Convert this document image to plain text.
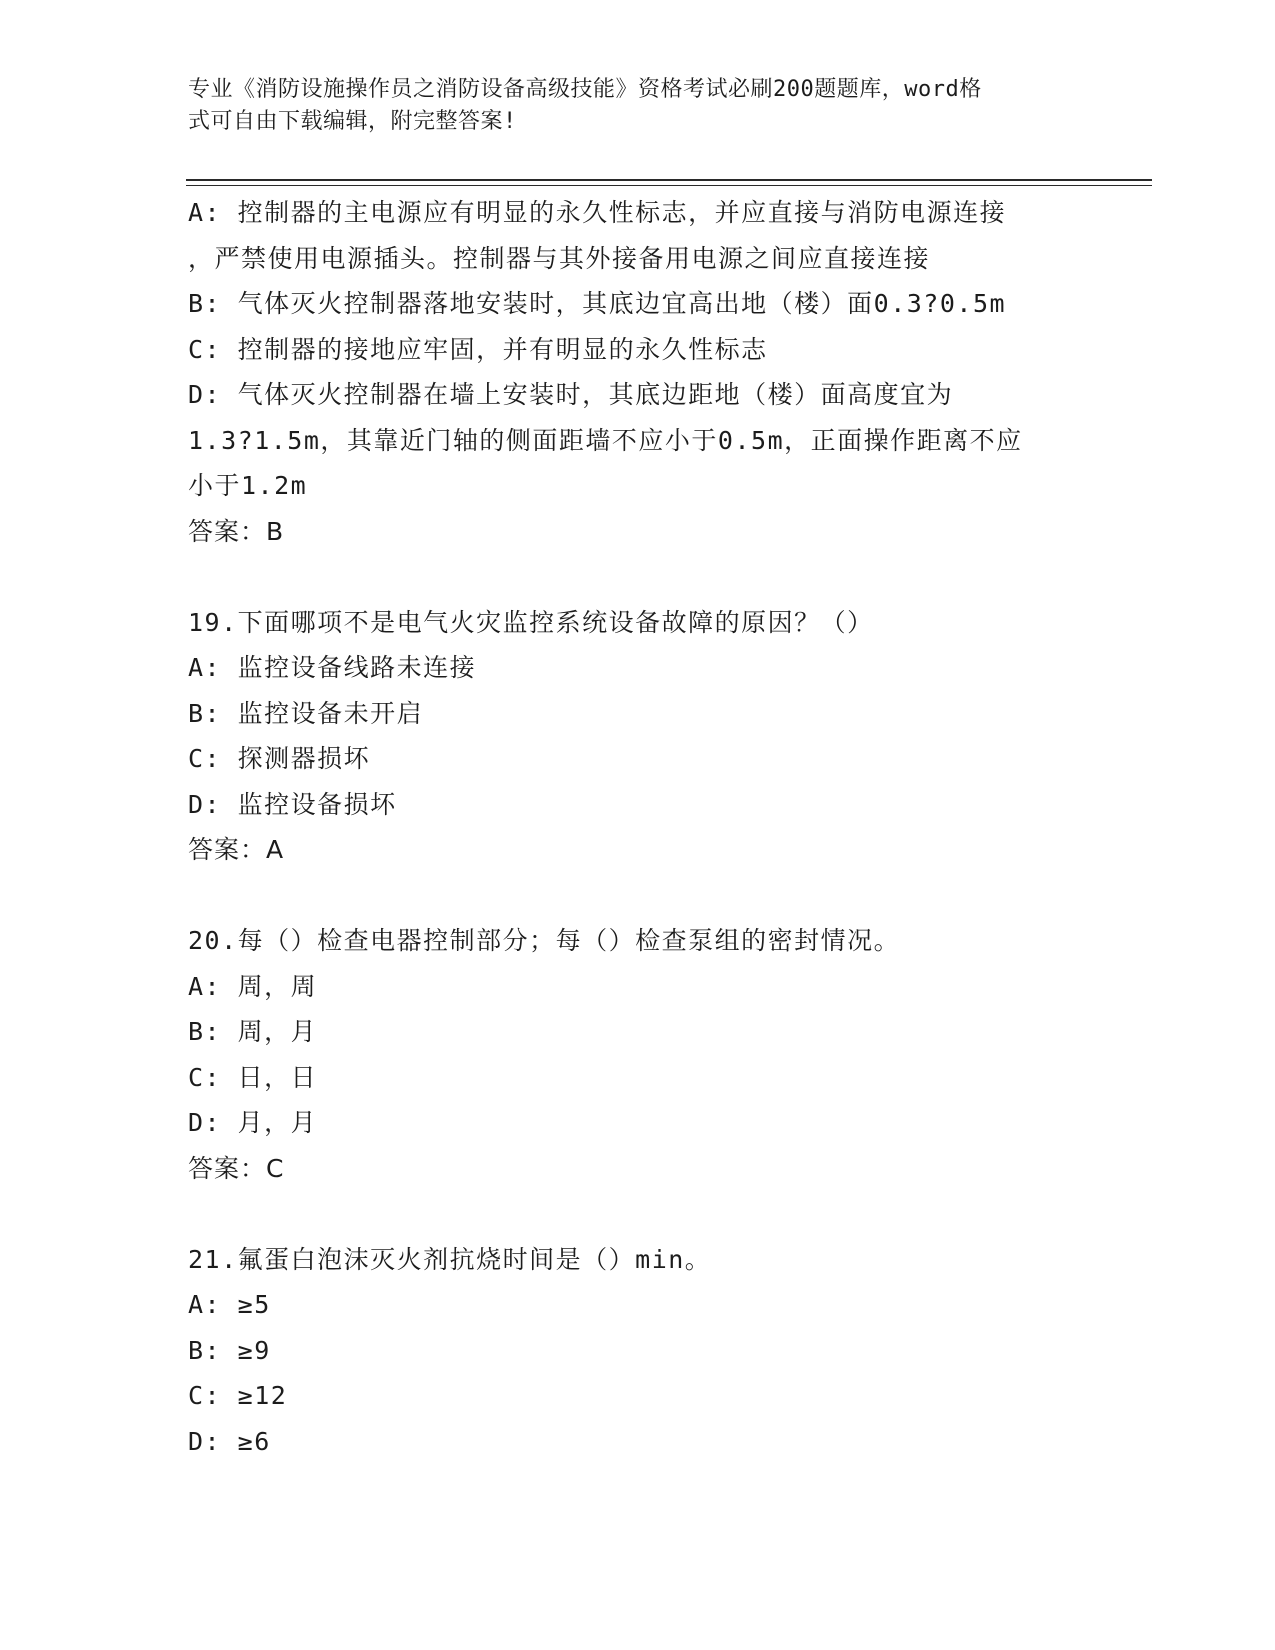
专业《消防设施操作员之消防设备高级技能》资格考试必刷200题题库，word格
式可自由下载编辑，附完整答案!
A: 控制器的主电源应有明显的永久性标志，并应直接与消防电源连接
，严禁使用电源插头。控制器与其外接备用电源之间应直接连接
B: 气体灭火控制器落地安装时，其底边宜高出地（楼）面0.3?0.5m
C: 控制器的接地应牢固，并有明显的永久性标志
D: 气体灭火控制器在墙上安装时，其底边距地（楼）面高度宜为
1.3?1.5m，其靠近门轴的侧面距墙不应小于0.5m，正面操作距离不应
小于1.2m
答案：B
19.下面哪项不是电气火灾监控系统设备故障的原因？（）
A: 监控设备线路未连接
B: 监控设备未开启
C: 探测器损坏
D: 监控设备损坏
答案：A
20.每（）检查电器控制部分；每（）检查泵组的密封情况。
A: 周，周
B: 周，月
C: 日，日
D: 月，月
答案：C
21.氟蛋白泡沫灭火剂抗烧时间是（）min。
A: ≥5
B: ≥9
C: ≥12
D: ≥6
